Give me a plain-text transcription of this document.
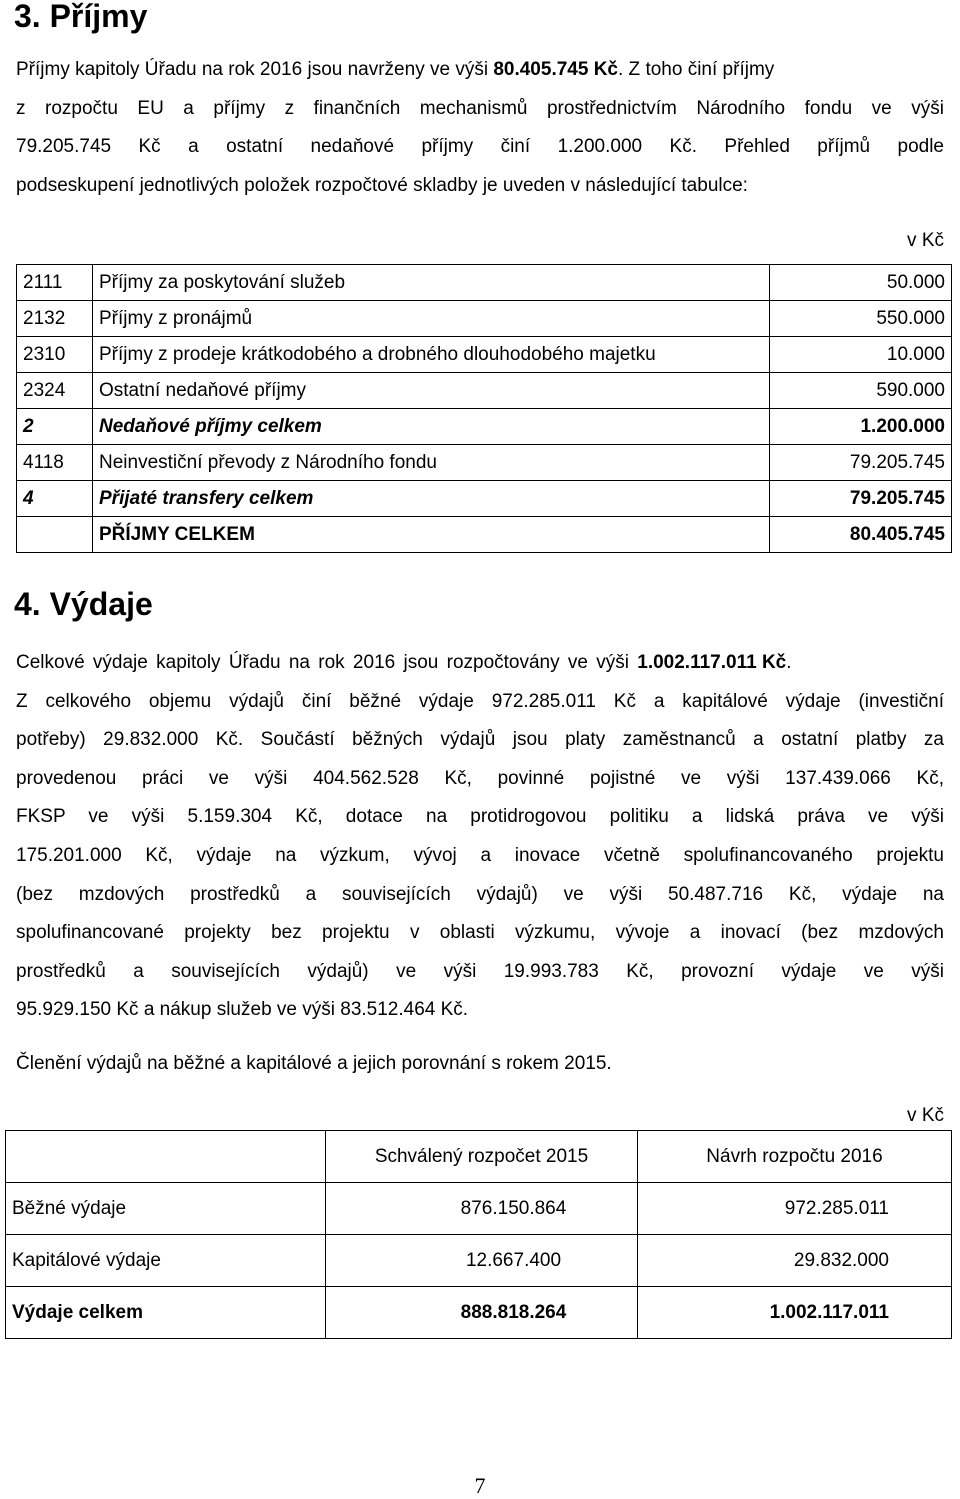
3. Příjmy
Příjmy kapitoly Úřadu na rok 2016 jsou navrženy ve výši 80.405.745 Kč. Z toho činí příjmy
z rozpočtu EU a příjmy z finančních mechanismů prostřednictvím Národního fondu ve výši
79.205.745 Kč a ostatní nedaňové příjmy činí 1.200.000 Kč. Přehled příjmů podle
podseskupení jednotlivých položek rozpočtové skladby je uveden v následující tabulce:
v Kč
2111	Příjmy za poskytování služeb	50.000
2132	Příjmy z pronájmů	550.000
2310	Příjmy z prodeje krátkodobého a drobného dlouhodobého majetku	10.000
2324	Ostatní nedaňové příjmy	590.000
2	Nedaňové příjmy celkem	1.200.000
4118	Neinvestiční převody z Národního fondu	79.205.745
4	Přijaté transfery celkem	79.205.745
	PŘÍJMY CELKEM	80.405.745
4. Výdaje
Celkové výdaje kapitoly Úřadu na rok 2016 jsou rozpočtovány ve výši 1.002.117.011 Kč.
Z celkového objemu výdajů činí běžné výdaje 972.285.011 Kč a kapitálové výdaje (investiční
potřeby) 29.832.000 Kč. Součástí běžných výdajů jsou platy zaměstnanců a ostatní platby za
provedenou práci ve výši 404.562.528 Kč, povinné pojistné ve výši 137.439.066 Kč,
FKSP ve výši 5.159.304 Kč, dotace na protidrogovou politiku a lidská práva ve výši
175.201.000 Kč, výdaje na výzkum, vývoj a inovace včetně spolufinancovaného projektu
(bez mzdových prostředků a souvisejících výdajů) ve výši 50.487.716 Kč, výdaje na
spolufinancované projekty bez projektu v oblasti výzkumu, vývoje a inovací (bez mzdových
prostředků a souvisejících výdajů) ve výši 19.993.783 Kč, provozní výdaje ve výši
95.929.150 Kč a nákup služeb ve výši 83.512.464 Kč.
Členění výdajů na běžné a kapitálové a jejich porovnání s rokem 2015.
v Kč
	Schválený rozpočet 2015	Návrh rozpočtu 2016
Běžné výdaje	876.150.864	972.285.011
Kapitálové výdaje	12.667.400	29.832.000
Výdaje celkem	888.818.264	1.002.117.011
7
